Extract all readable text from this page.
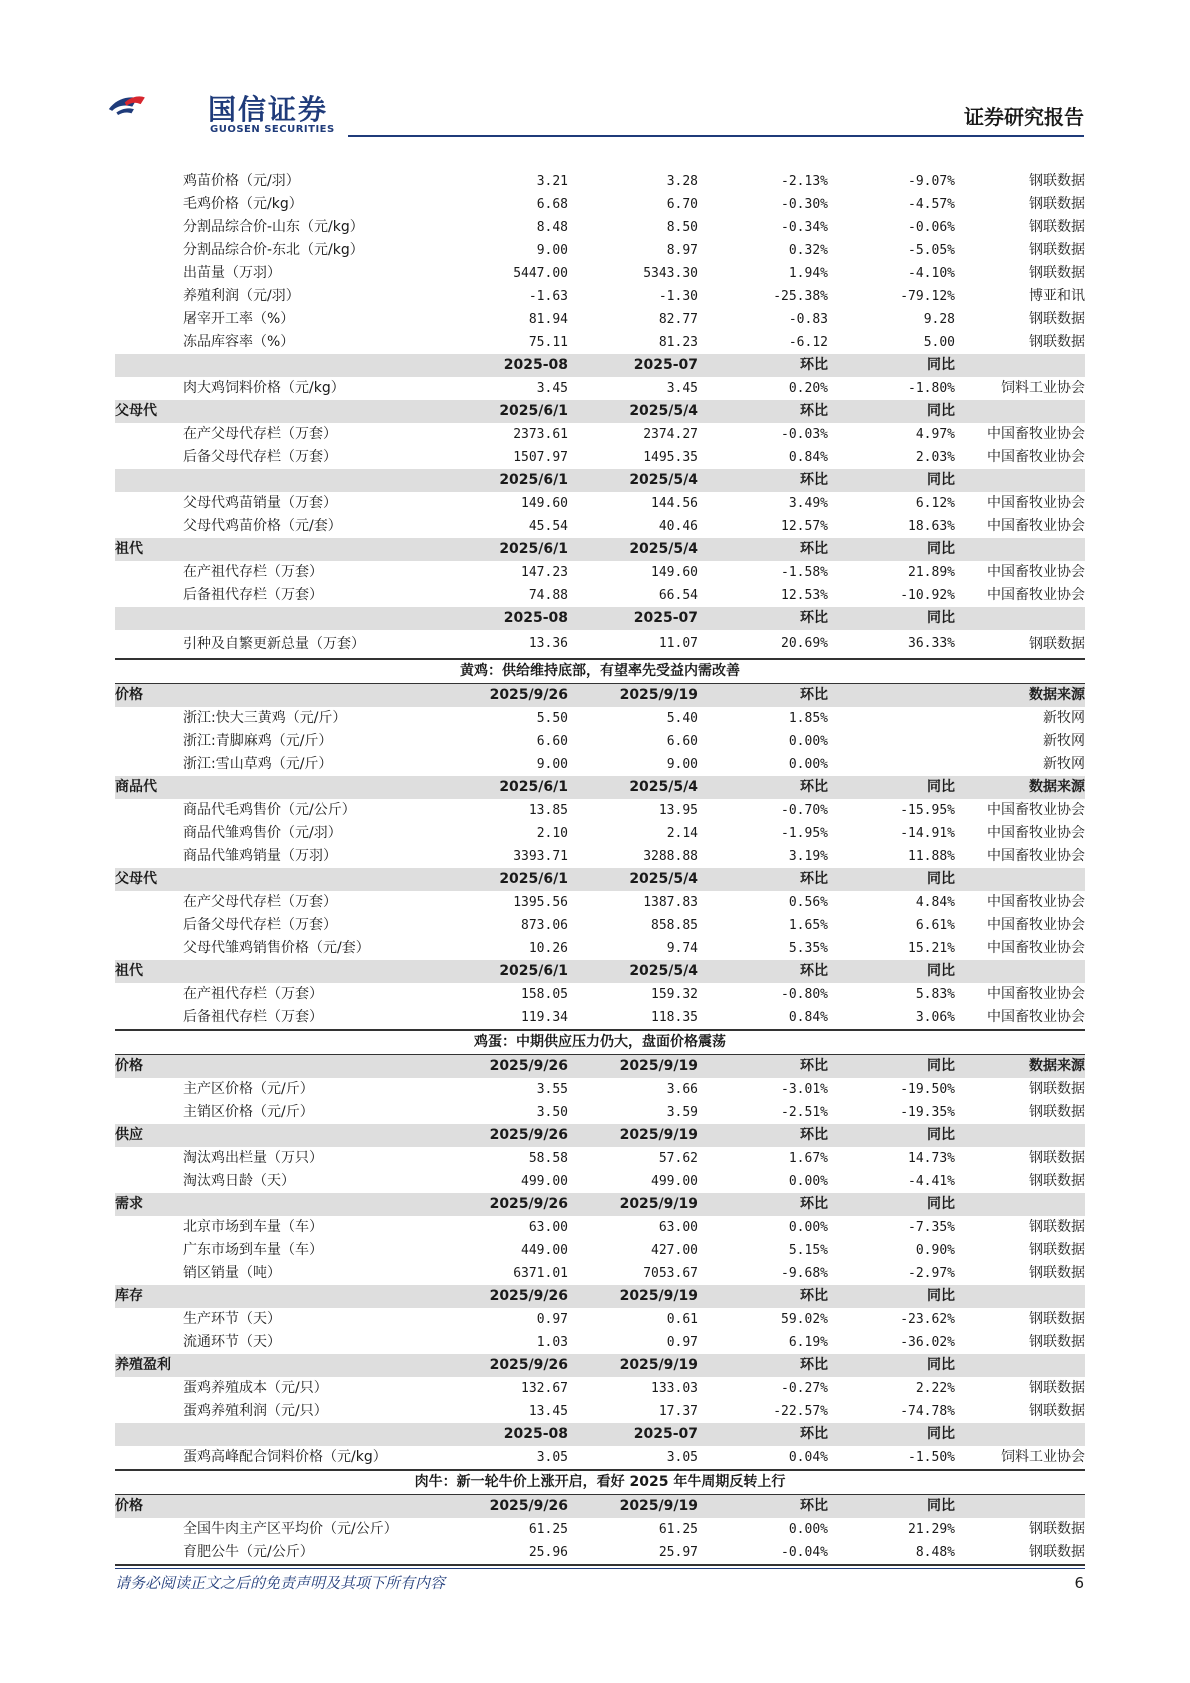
国信证券
GUOSEN SECURITIES
证券研究报告
	鸡苗价格（元/羽）	3.21	3.28	-2.13%	-9.07%	钢联数据
	毛鸡价格（元/kg）	6.68	6.70	-0.30%	-4.57%	钢联数据
	分割品综合价-山东（元/kg）	8.48	8.50	-0.34%	-0.06%	钢联数据
	分割品综合价-东北（元/kg）	9.00	8.97	0.32%	-5.05%	钢联数据
	出苗量（万羽）	5447.00	5343.30	1.94%	-4.10%	钢联数据
	养殖利润（元/羽）	-1.63	-1.30	-25.38%	-79.12%	博亚和讯
	屠宰开工率（%）	81.94	82.77	-0.83	9.28	钢联数据
	冻品库容率（%）	75.11	81.23	-6.12	5.00	钢联数据
		2025-08	2025-07	环比	同比	
	肉大鸡饲料价格（元/kg）	3.45	3.45	0.20%	-1.80%	饲料工业协会
父母代		2025/6/1	2025/5/4	环比	同比	
	在产父母代存栏（万套）	2373.61	2374.27	-0.03%	4.97%	中国畜牧业协会
	后备父母代存栏（万套）	1507.97	1495.35	0.84%	2.03%	中国畜牧业协会
		2025/6/1	2025/5/4	环比	同比	
	父母代鸡苗销量（万套）	149.60	144.56	3.49%	6.12%	中国畜牧业协会
	父母代鸡苗价格（元/套）	45.54	40.46	12.57%	18.63%	中国畜牧业协会
祖代		2025/6/1	2025/5/4	环比	同比	
	在产祖代存栏（万套）	147.23	149.60	-1.58%	21.89%	中国畜牧业协会
	后备祖代存栏（万套）	74.88	66.54	12.53%	-10.92%	中国畜牧业协会
		2025-08	2025-07	环比	同比	
	引种及自繁更新总量（万套）	13.36	11.07	20.69%	36.33%	钢联数据
黄鸡：供给维持底部，有望率先受益内需改善						
价格		2025/9/26	2025/9/19	环比		数据来源
	浙江:快大三黄鸡（元/斤）	5.50	5.40	1.85%		新牧网
	浙江:青脚麻鸡（元/斤）	6.60	6.60	0.00%		新牧网
	浙江:雪山草鸡（元/斤）	9.00	9.00	0.00%		新牧网
商品代		2025/6/1	2025/5/4	环比	同比	数据来源
	商品代毛鸡售价（元/公斤）	13.85	13.95	-0.70%	-15.95%	中国畜牧业协会
	商品代雏鸡售价（元/羽）	2.10	2.14	-1.95%	-14.91%	中国畜牧业协会
	商品代雏鸡销量（万羽）	3393.71	3288.88	3.19%	11.88%	中国畜牧业协会
父母代		2025/6/1	2025/5/4	环比	同比	
	在产父母代存栏（万套）	1395.56	1387.83	0.56%	4.84%	中国畜牧业协会
	后备父母代存栏（万套）	873.06	858.85	1.65%	6.61%	中国畜牧业协会
	父母代雏鸡销售价格（元/套）	10.26	9.74	5.35%	15.21%	中国畜牧业协会
祖代		2025/6/1	2025/5/4	环比	同比	
	在产祖代存栏（万套）	158.05	159.32	-0.80%	5.83%	中国畜牧业协会
	后备祖代存栏（万套）	119.34	118.35	0.84%	3.06%	中国畜牧业协会
鸡蛋：中期供应压力仍大，盘面价格震荡						
价格		2025/9/26	2025/9/19	环比	同比	数据来源
	主产区价格（元/斤）	3.55	3.66	-3.01%	-19.50%	钢联数据
	主销区价格（元/斤）	3.50	3.59	-2.51%	-19.35%	钢联数据
供应		2025/9/26	2025/9/19	环比	同比	
	淘汰鸡出栏量（万只）	58.58	57.62	1.67%	14.73%	钢联数据
	淘汰鸡日龄（天）	499.00	499.00	0.00%	-4.41%	钢联数据
需求		2025/9/26	2025/9/19	环比	同比	
	北京市场到车量（车）	63.00	63.00	0.00%	-7.35%	钢联数据
	广东市场到车量（车）	449.00	427.00	5.15%	0.90%	钢联数据
	销区销量（吨）	6371.01	7053.67	-9.68%	-2.97%	钢联数据
库存		2025/9/26	2025/9/19	环比	同比	
	生产环节（天）	0.97	0.61	59.02%	-23.62%	钢联数据
	流通环节（天）	1.03	0.97	6.19%	-36.02%	钢联数据
养殖盈利		2025/9/26	2025/9/19	环比	同比	
	蛋鸡养殖成本（元/只）	132.67	133.03	-0.27%	2.22%	钢联数据
	蛋鸡养殖利润（元/只）	13.45	17.37	-22.57%	-74.78%	钢联数据
		2025-08	2025-07	环比	同比	
	蛋鸡高峰配合饲料价格（元/kg）	3.05	3.05	0.04%	-1.50%	饲料工业协会
肉牛：新一轮牛价上涨开启，看好 2025 年牛周期反转上行						
价格		2025/9/26	2025/9/19	环比	同比	
	全国牛肉主产区平均价（元/公斤）	61.25	61.25	0.00%	21.29%	钢联数据
	育肥公牛（元/公斤）	25.96	25.97	-0.04%	8.48%	钢联数据
请务必阅读正文之后的免责声明及其项下所有内容	6
